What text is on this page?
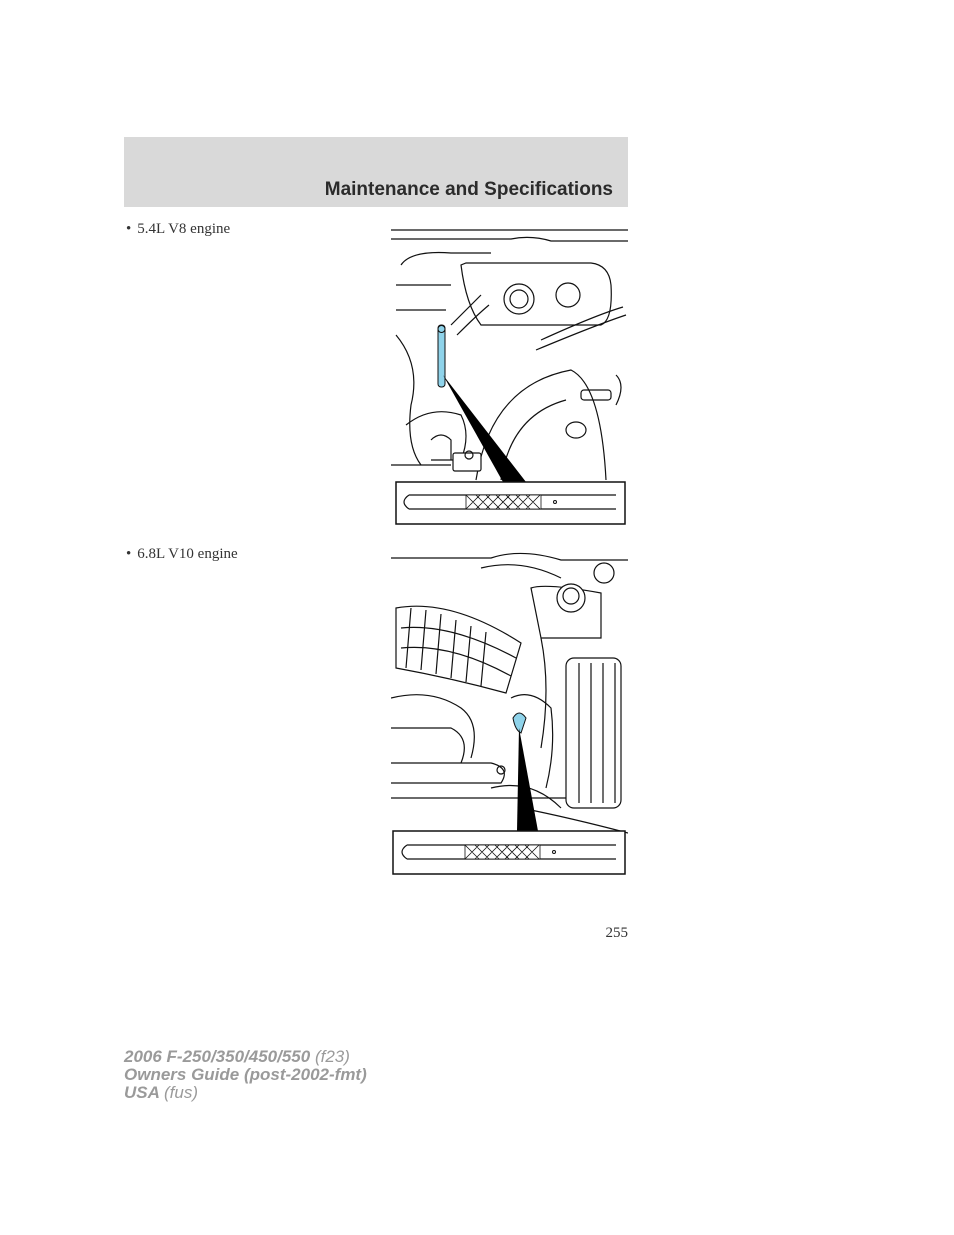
Maintenance and Specifications
• 5.4L V8 engine
• 6.8L V10 engine
255
2006 F-250/350/450/550 (f23)
Owners Guide (post-2002-fmt)
USA (fus)
